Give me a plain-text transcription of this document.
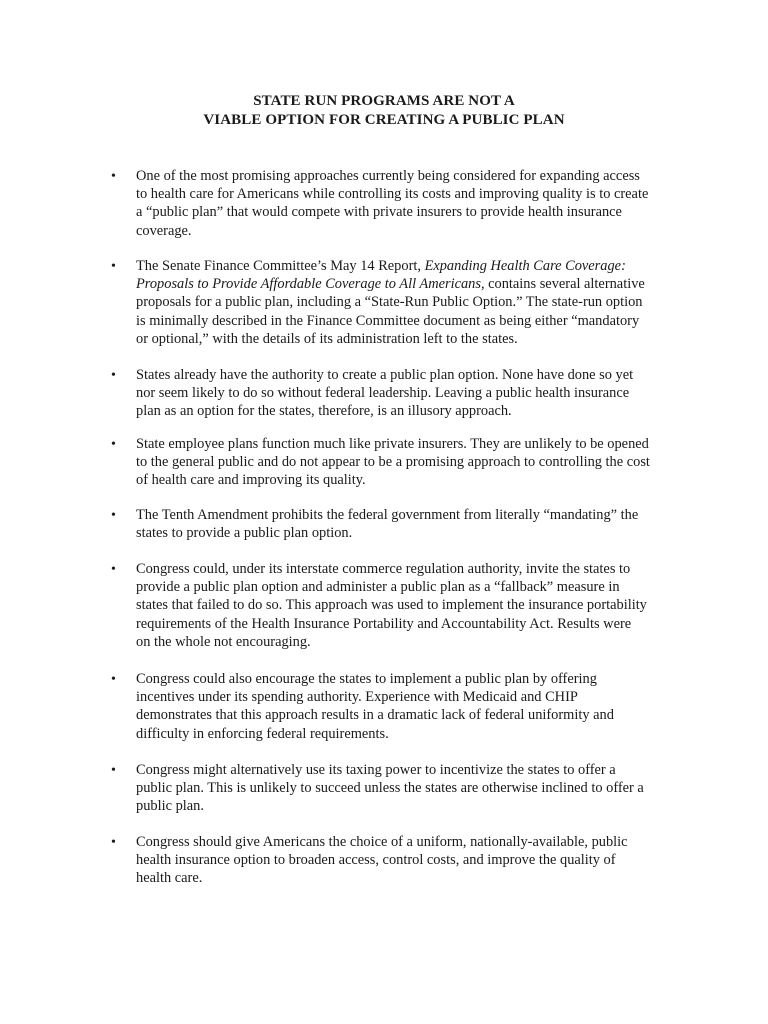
STATE RUN PROGRAMS ARE NOT A
VIABLE OPTION FOR CREATING A PUBLIC PLAN
• One of the most promising approaches currently being considered for expanding access
to health care for Americans while controlling its costs and improving quality is to create
a “public plan” that would compete with private insurers to provide health insurance
coverage.
• The Senate Finance Committee’s May 14 Report, Expanding Health Care Coverage:
Proposals to Provide Affordable Coverage to All Americans, contains several alternative
proposals for a public plan, including a “State-Run Public Option.” The state-run option
is minimally described in the Finance Committee document as being either “mandatory
or optional,” with the details of its administration left to the states.
• States already have the authority to create a public plan option. None have done so yet
nor seem likely to do so without federal leadership. Leaving a public health insurance
plan as an option for the states, therefore, is an illusory approach.
• State employee plans function much like private insurers. They are unlikely to be opened
to the general public and do not appear to be a promising approach to controlling the cost
of health care and improving its quality.
• The Tenth Amendment prohibits the federal government from literally “mandating” the
states to provide a public plan option.
• Congress could, under its interstate commerce regulation authority, invite the states to
provide a public plan option and administer a public plan as a “fallback” measure in
states that failed to do so. This approach was used to implement the insurance portability
requirements of the Health Insurance Portability and Accountability Act. Results were
on the whole not encouraging.
• Congress could also encourage the states to implement a public plan by offering
incentives under its spending authority. Experience with Medicaid and CHIP
demonstrates that this approach results in a dramatic lack of federal uniformity and
difficulty in enforcing federal requirements.
• Congress might alternatively use its taxing power to incentivize the states to offer a
public plan. This is unlikely to succeed unless the states are otherwise inclined to offer a
public plan.
• Congress should give Americans the choice of a uniform, nationally-available, public
health insurance option to broaden access, control costs, and improve the quality of
health care.
